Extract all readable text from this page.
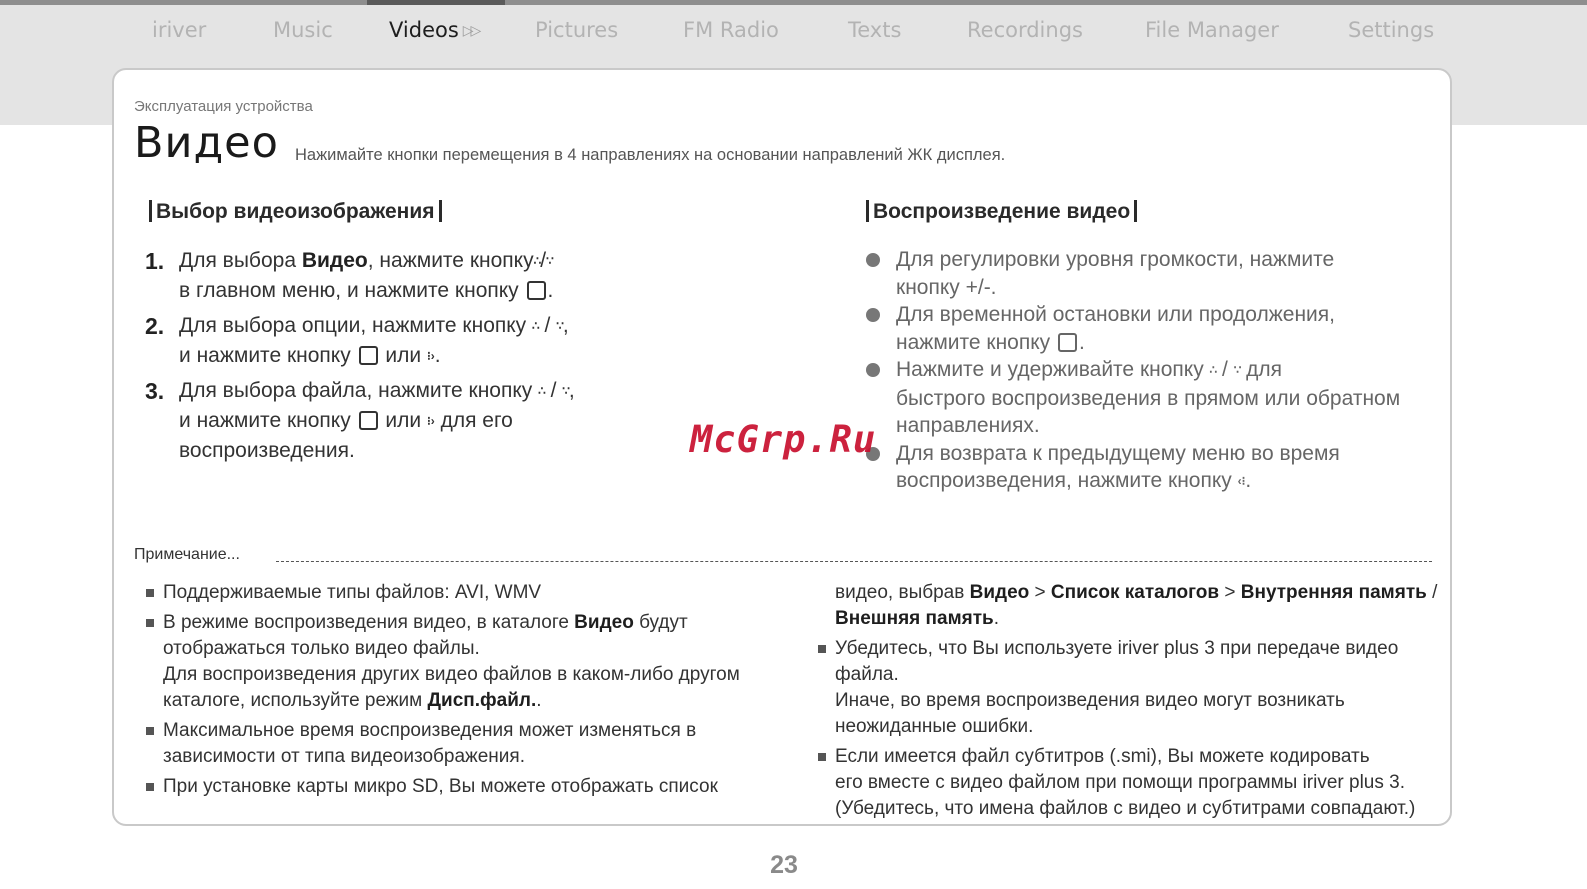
iriver	Music	Videos ▷▷	Pictures	FM Radio	Texts	Recordings	File Manager	Settings
Эксплуатация устройства
Видео Нажимайте кнопки перемещения в 4 направлениях на основании направлений ЖК дисплея.
Выбор видеоизображения
1. Для выбора Видео, нажмите кнопку∴/∵
в главном меню, и нажмите кнопку .
2. Для выбора опции, нажмите кнопку ∴ / ∵,
и нажмите кнопку  или ⁝›.
3. Для выбора файла, нажмите кнопку ∴ / ∵,
и нажмите кнопку  или ⁝› для его
воспроизведения.
Воспроизведение видео
Для регулировки уровня громкости, нажмите
кнопку +/-.
Для временной остановки или продолжения,
нажмите кнопку .
Нажмите и удерживайте кнопку ∴ / ∵ для
быстрого воспроизведения в прямом или обратном
направлениях.
Для возврата к предыдущему меню во время
воспроизведения, нажмите кнопку ‹⁝.
McGrp.Ru
Примечание...
Поддерживаемые типы файлов: AVI, WMV
В режиме воспроизведения видео, в каталоге Видео будут
отображаться только видео файлы.
Для воспроизведения других видео файлов в каком-либо другом
каталоге, используйте режим Дисп.файл..
Максимальное время воспроизведения может изменяться в
зависимости от типа видеоизображения.
При установке карты микро SD, Вы можете отображать список
видео, выбрав Видео > Список каталогов > Внутренняя память /
Внешняя память.
Убедитесь, что Вы используете iriver plus 3 при передаче видео
файла.
Иначе, во время воспроизведения видео могут возникать
неожиданные ошибки.
Если имеется файл субтитров (.smi), Вы можете кодировать
его вместе с видео файлом при помощи программы iriver plus 3.
(Убедитесь, что имена файлов с видео и субтитрами совпадают.)
23
